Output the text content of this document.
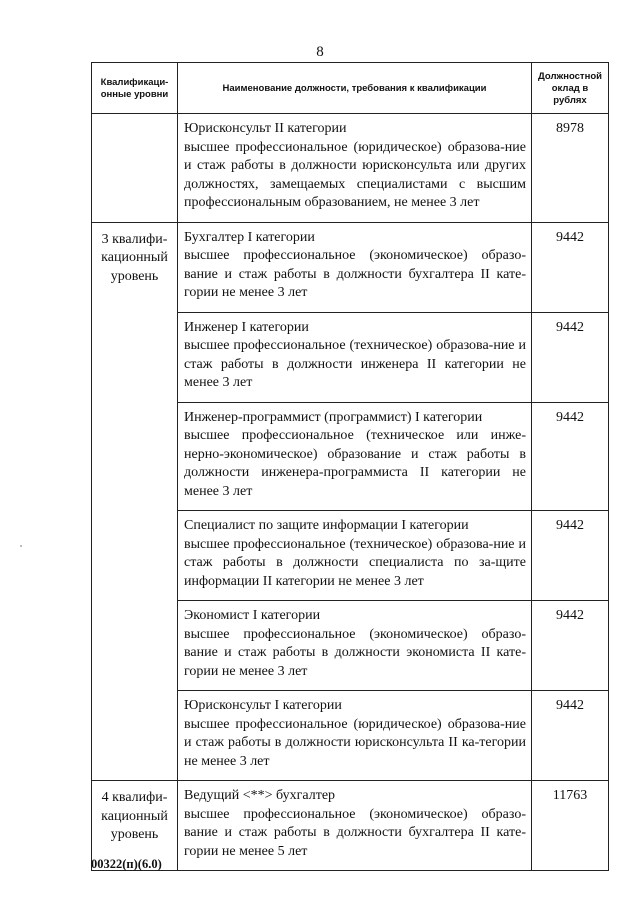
8
Квалификаци-
онные уровни	Наименование должности, требования к квалификации	Должностной
оклад в рублях

	Юрисконсульт II категории
высшее профессиональное (юридическое) образова-ние и стаж работы в должности юрисконсульта или других должностях, замещаемых специалистами с высшим профессиональным образованием, не менее 3 лет	8978
3 квалифи-
кационный
уровень	Бухгалтер I категории
высшее профессиональное (экономическое) образо-вание и стаж работы в должности бухгалтера II кате-гории не менее 3 лет	9442

	Инженер I категории
высшее профессиональное (техническое) образова-ние и стаж работы в должности инженера II категории не менее 3 лет	9442

	Инженер-программист (программист) I категории
высшее профессиональное (техническое или инже-нерно-экономическое) образование и стаж работы в должности инженера-программиста II категории не менее 3 лет	9442

	Специалист по защите информации I категории
высшее профессиональное (техническое) образова-ние и стаж работы в должности специалиста по за-щите информации II категории не менее 3 лет	9442

	Экономист I категории
высшее профессиональное (экономическое) образо-вание и стаж работы в должности экономиста II кате-гории не менее 3 лет	9442

	Юрисконсульт I категории
высшее профессиональное (юридическое) образова-ние и стаж работы в должности юрисконсульта II ка-тегории не менее 3 лет	9442
4 квалифи-
кационный
уровень	Ведущий <**> бухгалтер
высшее профессиональное (экономическое) образо-вание и стаж работы в должности бухгалтера II кате-гории не менее 5 лет	11763
00322(п)(6.0)
